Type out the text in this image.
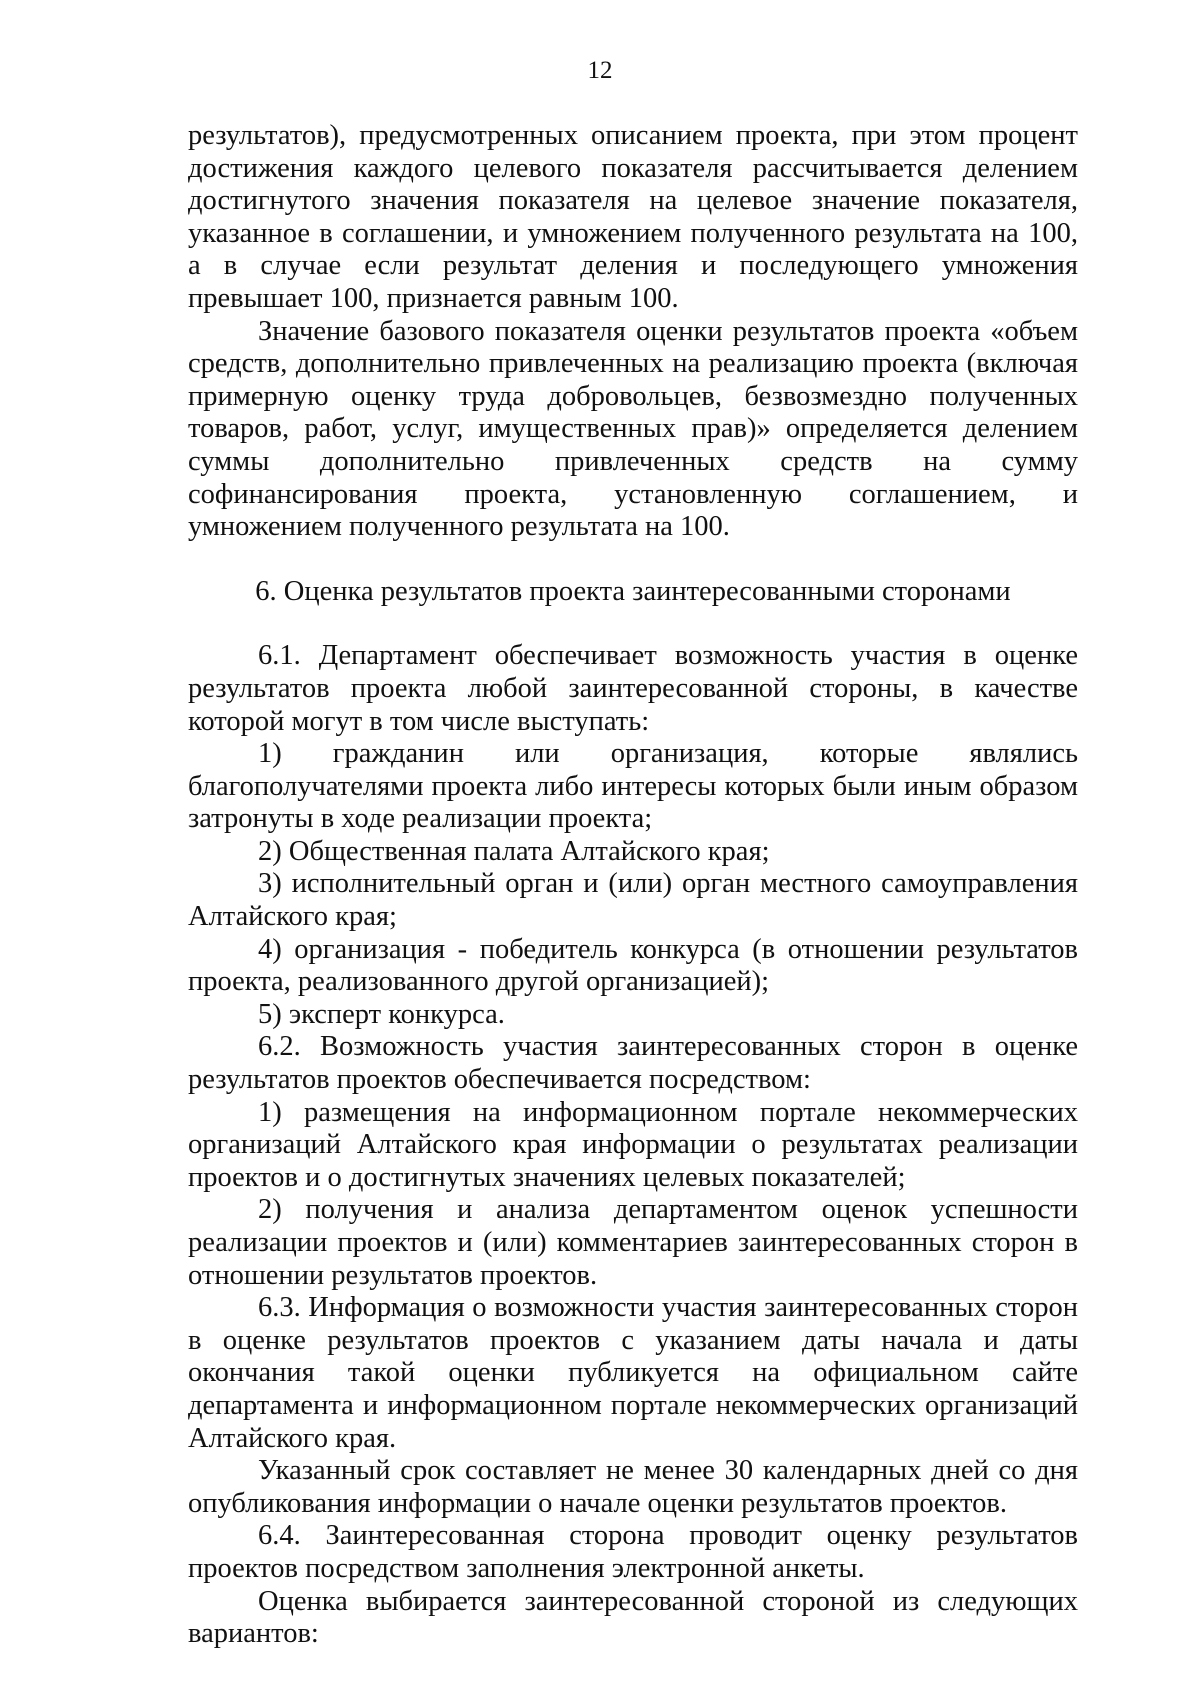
12

результатов), предусмотренных описанием проекта, при этом процент достижения каждого целевого показателя рассчитывается делением достигнутого значения показателя на целевое значение показателя, указанное в соглашении, и умножением полученного результата на 100, а в случае если результат деления и последующего умножения превышает 100, признается равным 100.

Значение базового показателя оценки результатов проекта «объем средств, дополнительно привлеченных на реализацию проекта (включая примерную оценку труда добровольцев, безвозмездно полученных товаров, работ, услуг, имущественных прав)» определяется делением суммы дополнительно привлеченных средств на сумму софинансирования проекта, установленную соглашением, и умножением полученного результата на 100.

6. Оценка результатов проекта заинтересованными сторонами

6.1. Департамент обеспечивает возможность участия в оценке результатов проекта любой заинтересованной стороны, в качестве которой могут в том числе выступать:

1) гражданин или организация, которые являлись благополучателями проекта либо интересы которых были иным образом затронуты в ходе реализации проекта;

2) Общественная палата Алтайского края;

3) исполнительный орган и (или) орган местного самоуправления Алтайского края;

4) организация - победитель конкурса (в отношении результатов проекта, реализованного другой организацией);

5) эксперт конкурса.

6.2. Возможность участия заинтересованных сторон в оценке результатов проектов обеспечивается посредством:

1) размещения на информационном портале некоммерческих организаций Алтайского края информации о результатах реализации проектов и о достигнутых значениях целевых показателей;

2) получения и анализа департаментом оценок успешности реализации проектов и (или) комментариев заинтересованных сторон в отношении результатов проектов.

6.3. Информация о возможности участия заинтересованных сторон в оценке результатов проектов с указанием даты начала и даты окончания такой оценки публикуется на официальном сайте департамента и информационном портале некоммерческих организаций Алтайского края.

Указанный срок составляет не менее 30 календарных дней со дня опубликования информации о начале оценки результатов проектов.

6.4. Заинтересованная сторона проводит оценку результатов проектов посредством заполнения электронной анкеты.

Оценка выбирается заинтересованной стороной из следующих вариантов:
